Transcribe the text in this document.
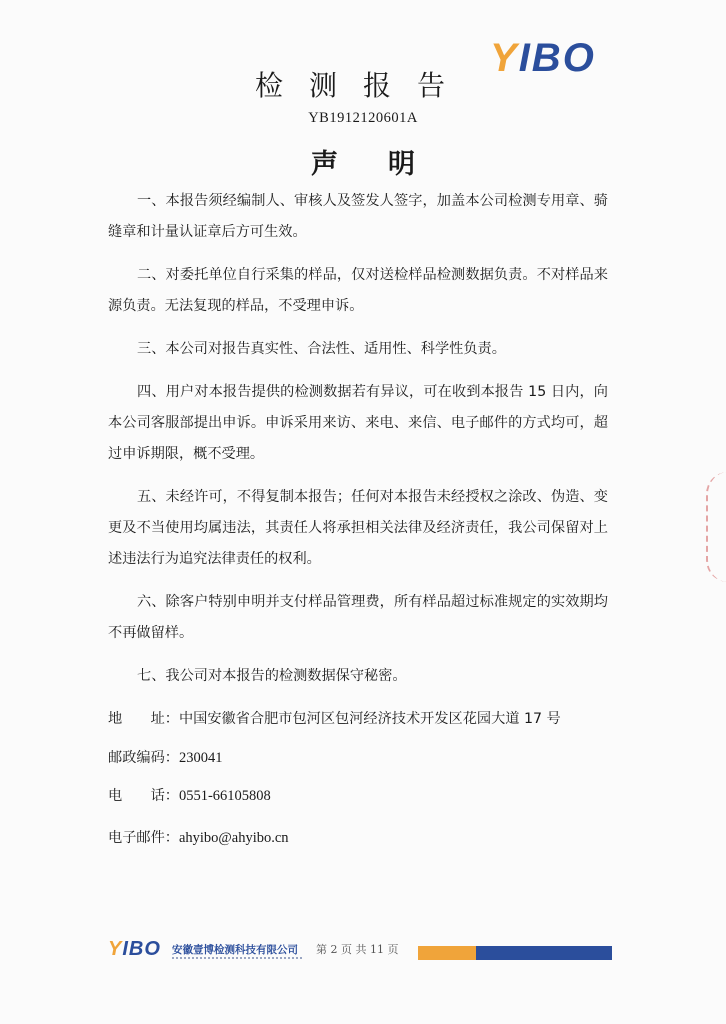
YIBO
检测报告
YB1912120601A
声明

一、本报告须经编制人、审核人及签发人签字，加盖本公司检测专用章、骑缝章和计量认证章后方可生效。

二、对委托单位自行采集的样品，仅对送检样品检测数据负责。不对样品来源负责。无法复现的样品，不受理申诉。

三、本公司对报告真实性、合法性、适用性、科学性负责。

四、用户对本报告提供的检测数据若有异议，可在收到本报告 15 日内，向本公司客服部提出申诉。申诉采用来访、来电、来信、电子邮件的方式均可，超过申诉期限，概不受理。

五、未经许可，不得复制本报告；任何对本报告未经授权之涂改、伪造、变更及不当使用均属违法，其责任人将承担相关法律及经济责任，我公司保留对上述违法行为追究法律责任的权利。

六、除客户特别申明并支付样品管理费，所有样品超过标准规定的实效期均不再做留样。

七、我公司对本报告的检测数据保守秘密。

地　　址：中国安徽省合肥市包河区包河经济技术开发区花园大道 17 号
邮政编码：230041
电　　话：0551-66105808
电子邮件：ahyibo@ahyibo.cn
YIBO 安徽壹博检测科技有限公司 第 2 页 共 11 页
